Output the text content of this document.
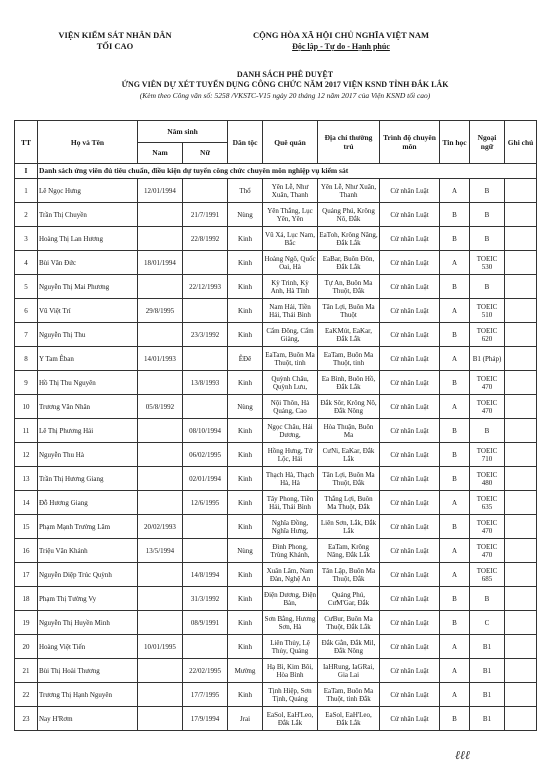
VIỆN KIỂM SÁT NHÂN DÂN
TỐI CAO
CỘNG HÒA XÃ HỘI CHỦ NGHĨA VIỆT NAM
Độc lập - Tự do - Hạnh phúc
DANH SÁCH PHÊ DUYỆT
ỨNG VIÊN DỰ XÉT TUYỂN DỤNG CÔNG CHỨC NĂM 2017 VIỆN KSND TỈNH ĐẮK LẮK
(Kèm theo Công văn số: 5258 /VKSTC-V15 ngày 20 tháng 12 năm 2017 của Viện KSND tối cao)
TT	Họ và Tên	Năm sinh		Dân tộc	Quê quán	Địa chỉ thường trú	Trình độ chuyên môn	Tin học	Ngoại ngữ	Ghi chú
		Nam	Nữ							
I	Danh sách ứng viên đủ tiêu chuẩn, điều kiện dự tuyển công chức chuyên môn nghiệp vụ kiểm sát									
1	Lê Ngọc Hưng	12/01/1994		Thổ	Yên Lễ, Như Xuân, Thanh	Yên Lễ, Như Xuân, Thanh	Cử nhân Luật	A	B	
2	Trần Thị Chuyền		21/7/1991	Nùng	Yên Thắng, Lục Yên, Yên	Quảng Phú, Krông Nô, Đắk	Cử nhân Luật	B	B	
3	Hoàng Thị Lan Hương		22/8/1992	Kinh	Vũ Xá, Lục Nam, Bắc	EaToh, Krông Năng, Đắk Lắk	Cử nhân Luật	B	B	
4	Bùi Văn Đức	18/01/1994		Kinh	Hoàng Ngô, Quốc Oai, Hà	EaBar, Buôn Đôn, Đắk Lắk	Cử nhân Luật	A	TOEIC 530	
5	Nguyễn Thị Mai Phương		22/12/1993	Kinh	Kỳ Trinh, Kỳ Anh, Hà Tĩnh	Tự An, Buôn Ma Thuột, Đắk	Cử nhân Luật	B	B	
6	Vũ Việt Trí	29/8/1995		Kinh	Nam Hải, Tiền Hải, Thái Bình	Tân Lợi, Buôn Ma Thuột	Cử nhân Luật	A	TOEIC 510	
7	Nguyễn Thị Thu		23/3/1992	Kinh	Cẩm Đông, Cẩm Giàng,	EaKMút, EaKar, Đắk Lắk	Cử nhân Luật	B	TOEIC 620	
8	Y Tam Êban	14/01/1993		ÊĐê	EaTam, Buôn Ma Thuột, tỉnh	EaTam, Buôn Ma Thuột, tỉnh	Cử nhân Luật	A	B1 (Pháp)	
9	Hồ Thị Thu Nguyên		13/8/1993	Kinh	Quỳnh Châu, Quỳnh Lưu,	Ea Bình, Buôn Hồ, Đắk Lắk	Cử nhân Luật	B	TOEIC 470	
10	Trương Văn Nhân	05/8/1992		Nùng	Nội Thôn, Hà Quảng, Cao	Đắk Sôr, Krông Nô, Đắk Nông	Cử nhân Luật	A	TOEIC 470	
11	Lê Thị Phương Hải		08/10/1994	Kinh	Ngọc Châu, Hải Dương,	Hòa Thuận, Buôn Ma	Cử nhân Luật	B	B	
12	Nguyễn Thu Hà		06/02/1995	Kinh	Hồng Hưng, Tứ Lộc, Hải	CưNi, EaKar, Đắk Lắk	Cử nhân Luật	B	TOEIC 710	
13	Trần Thị Hương Giang		02/01/1994	Kinh	Thạch Hà, Thạch Hà, Hà	Tân Lợi, Buôn Ma Thuột, Đắk	Cử nhân Luật	B	TOEIC 480	
14	Đỗ Hương Giang		12/6/1995	Kinh	Tây Phong, Tiền Hải, Thái Bình	Thắng Lợi, Buôn Ma Thuột, Đắk	Cử nhân Luật	A	TOEIC 635	
15	Phạm Mạnh Trường Lâm	20/02/1993		Kinh	Nghĩa Đồng, Nghĩa Hưng,	Liên Sơn, Lắk, Đắk Lắk	Cử nhân Luật	B	TOEIC 470	
16	Triệu Văn Khánh	13/5/1994		Nùng	Đình Phong, Trùng Khánh,	EaTam, Krông Năng, Đắk Lắk	Cử nhân Luật	A	TOEIC 470	
17	Nguyễn Diệp Trúc Quỳnh		14/8/1994	Kinh	Xuân Lâm, Nam Đàn, Nghệ An	Tân Lập, Buôn Ma Thuột, Đắk	Cử nhân Luật	A	TOEIC 685	
18	Phạm Thị Tường Vy		31/3/1992	Kinh	Điện Dương, Điện Bàn,	Quảng Phú, CưM'Gar, Đắk	Cử nhân Luật	B	B	
19	Nguyễn Thị Huyền Minh		08/9/1991	Kinh	Sơn Bằng, Hương Sơn, Hà	CưBur, Buôn Ma Thuột, Đắk Lắk	Cử nhân Luật	B	C	
20	Hoàng Việt Tiến	10/01/1995		Kinh	Liên Thủy, Lệ Thủy, Quảng	Đắk Gằn, Đắk Mil, Đắk Nông	Cử nhân Luật	A	B1	
21	Bùi Thị Hoài Thương		22/02/1995	Mường	Hạ Bì, Kim Bôi, Hòa Bình	IaHRung, IaGRai, Gia Lai	Cử nhân Luật	A	B1	
22	Trương Thị Hạnh Nguyên		17/7/1995	Kinh	Tịnh Hiệp, Sơn Tịnh, Quảng	EaTam, Buôn Ma Thuột, tỉnh Đắk	Cử nhân Luật	A	B1	
23	Nay H'Rơm		17/9/1994	Jrai	EaSol, EaH'Leo, Đắk Lắk	EaSol, EaH'Leo, Đắk Lắk	Cử nhân Luật	B	B1	
ℓℓℓ
